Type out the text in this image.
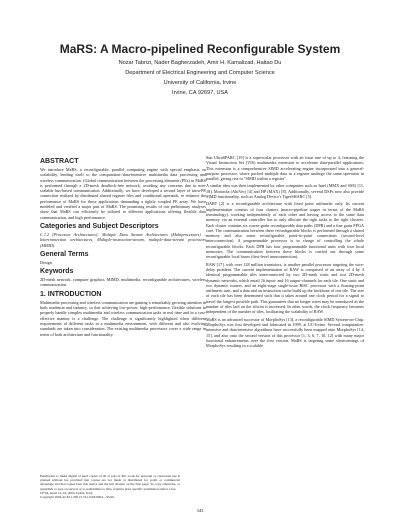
MaRS: A Macro-pipelined Reconfigurable System
Nozar Tabrizi, Nader Bagherzadeh, Amir H. Kamalizad, Haitao Du
Department of Electrical Engineering and Computer Science
University of California, Irvine
Irvine, CA 92697, USA
ABSTRACT

We introduce MaRS, a reconfigurable, parallel computing engine with special emphasis on scalability, lending itself to the computation-/data-intensive multimedia data processing and wireless communication. (Global communication between the processing elements (PEs) in MaRS is performed through a 2D-mesh deadlock-free network, avoiding any concerns due to non-scalable bus-based communication. Additionally, we have developed a second layer of intra-PE connection realized by distributed shared register files and conditional operands, to enhance the performance of MaRS for those applications demanding a tightly coupled PE array. We have modeled and verified a major part of MaRS. The promising results of our preliminary analyses show that MaRS can efficiently be tailored to different applications offering flexible data communication, and high performance.

Categories and Subject Descriptors

C.1.2 [Processor Architectures]: Multiple Data Stream Architectures (Multiprocessors) – Interconnection architectures, Multiple-instruction-stream, multiple-data-stream processors (MIMD).

General Terms

Design

Keywords

2D-mesh network, computer graphics, MIMD, multimedia, reconfigurable architectures, wireless communication.

1. INTRODUCTION

Multimedia processing and wireless communication are gaining a remarkably growing attention in both academia and industry, so that achieving low-power, high-performance, flexible solutions to properly handle complex multimedia and wireless communication tasks in real time and in a cost-effective manner is a challenge. The challenge is significantly highlighted when different requirements of different tasks in a multimedia environment, with different and also evolving standards are taken into consideration. The existing multimedia processors cover a wide range in terms of both architecture and functionality.

Permission to make digital or hard copies of all or part of this work for personal or classroom use is granted without fee provided that copies are not made or distributed for profit or commercial advantage and that copies bear this notice and the full citation on the first page. To copy otherwise, or republish, to post on servers or to redistribute to lists, requires prior specific permission and/or a fee.

CF'04, April 14–16, 2004, Ischia, Italy.

Copyright 2004 ACM 1-58113-741-9/04/0004…$5.00.

Sun UltraSPARC [19] is a superscalar processor with an issue rate of up to 4, featuring the Visual Instruction Set (VIS) multimedia extension to accelerate data-parallel applications. This extension is a comprehensive SIMD accelerating engine incorporated into a general-purpose processor, where packed multiple data in a register undergo the same operation in parallel, giving rise to "SIMD within a register".

A similar idea was then implemented by other companies such as Intel (MMX and SSE) [11, 18], Motorola (AltiVec) [4] and HP (MAX) [8]. Additionally, several DSPs now also provide SIMD functionality, such as Analog Device's TigerSHARC [5].

DART [2] is a reconfigurable architecture with fixed point arithmetic only. Its current implementation consists of four clusters (macro-pipeline stages in terms of the MaRS terminology), working independently of each other and having access to the same data memory via an external controller has to only allocate the right tasks to the right clusters. Each cluster contains six coarse-grain reconfigurable data paths (DPR) and a fine grain FPGA core. The communication between these reconfigurable blocks is performed through a shared memory and also some reconfigurable point-to-point connections (second-level interconnection). A programmable processor is in charge of controlling the whole reconfigurable blocks. Each DPR has four programmable functional units with four local memories. The communication between these blocks is carried out through some reconfigurable local buses (first-level interconnection).

RAW [17], with over 128 million transistors, is another parallel processor targeting the wire-delay problem. The current implementation of RAW is comprised of an array of 4 by 4 identical programmable tiles interconnected by two 2D-mesh static and two 2D-mesh dynamic networks, which entail 16 input- and 16 output-channels for each tile. One static and two dynamic routers, and an eight-stage single-issue RISC processor with a floating-point arithmetic unit, and a data and an instruction cache build up the backbone of one tile. The size of each tile has been determined such that it takes around one clock period for a signal to travel the longest possible path. This guarantees that no longer wires may be introduced as the number of tiles laid on the silicon is increased. In other words, the clock frequency becomes independent of the number of tiles, facilitating the scalability of RAW.

MaRS is an advanced successor of MorphoSys [13], a reconfigurable SIMD System-on-Chip. MorphoSys was first developed and fabricated in 1999, at UC-Irvine. Several computation-intensive and data-intensive algorithms have successfully been mapped onto MorphoSys [14, 15], and also onto the second version of this processor [1, 3, 6, 7, 10, 12] with many major functional enhancements over the first version. MaRS is targeting some shortcomings of MorphoSys resulting in a scalable

343
